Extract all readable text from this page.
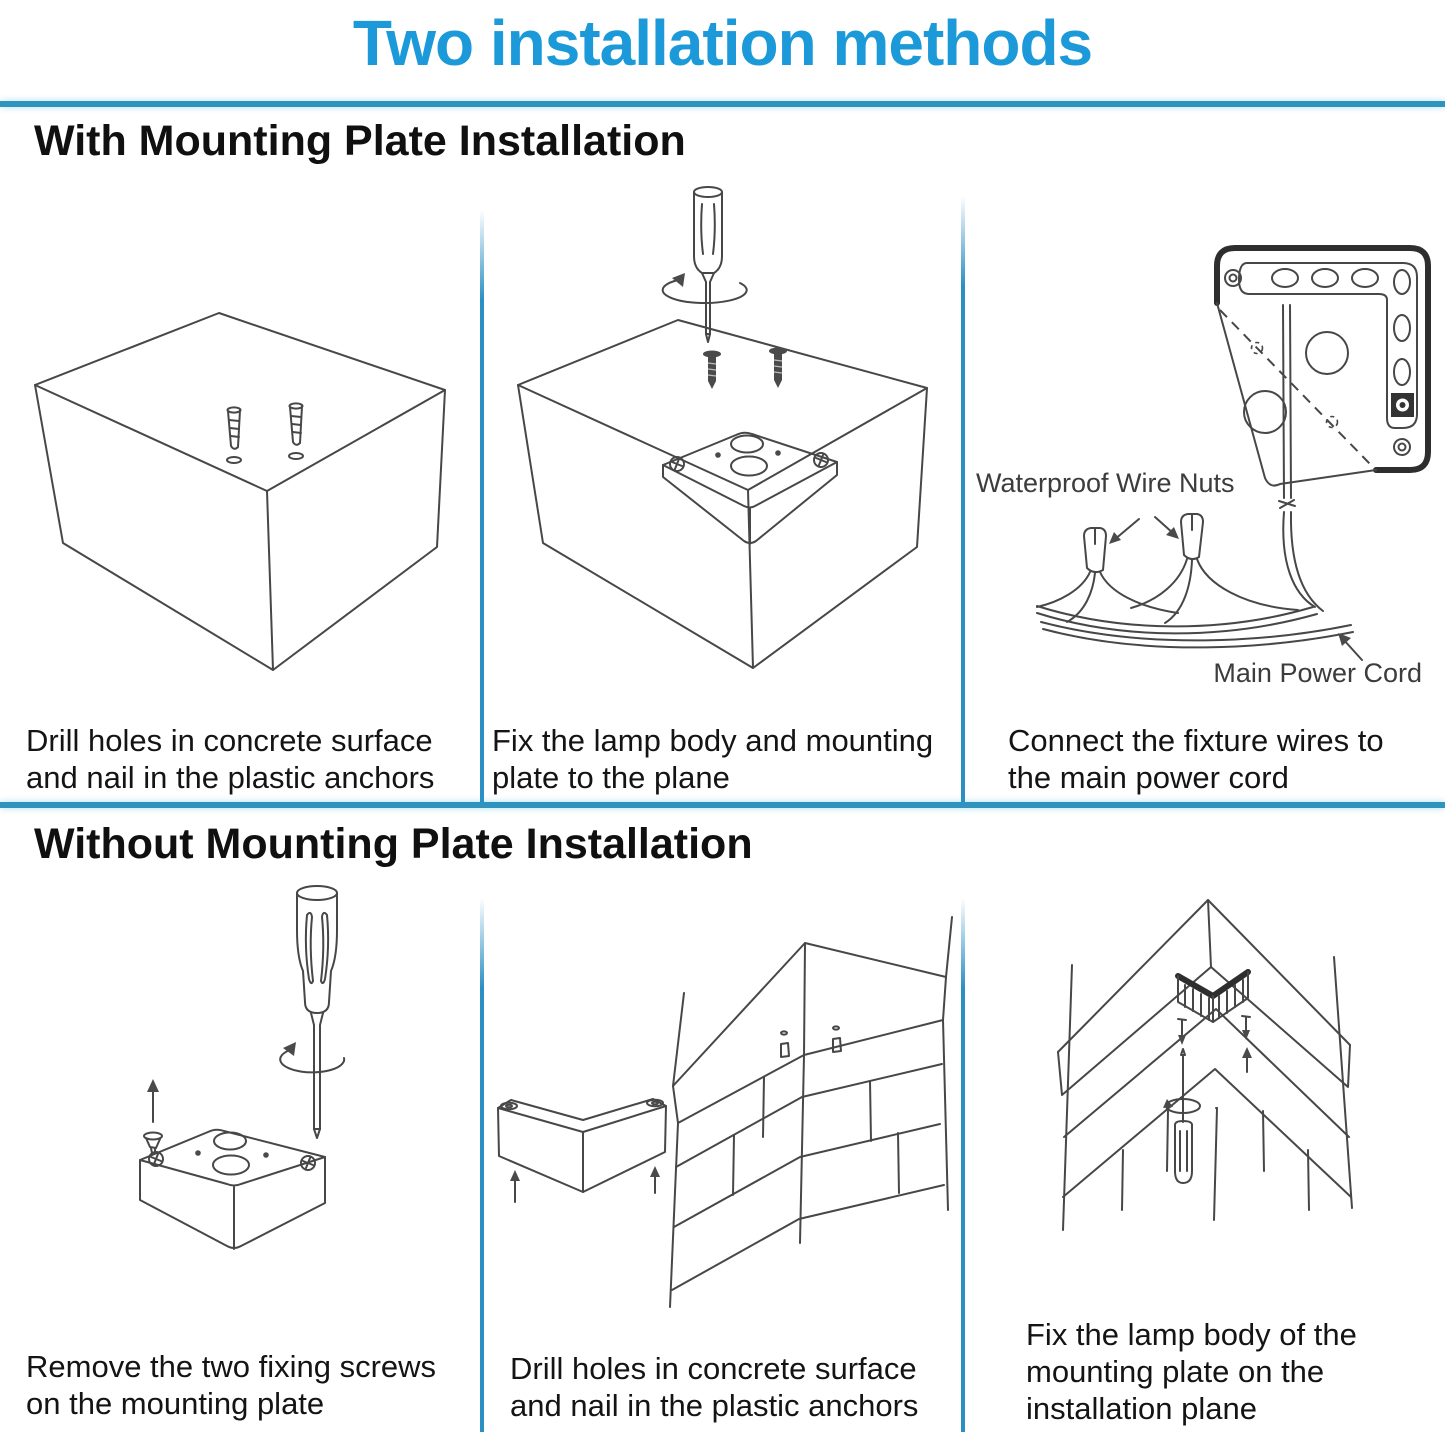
Two installation methods
With Mounting Plate Installation
Without Mounting Plate Installation
Drill holes in concrete surface
and nail in the plastic anchors
Fix the lamp body and mounting
plate to the plane
Connect the fixture wires to
the main power cord
Remove the two fixing screws
on the mounting plate
Drill holes in concrete surface
and nail in the plastic anchors
Fix the lamp body of the
mounting plate on the
installation plane
Waterproof Wire Nuts
Main Power Cord
